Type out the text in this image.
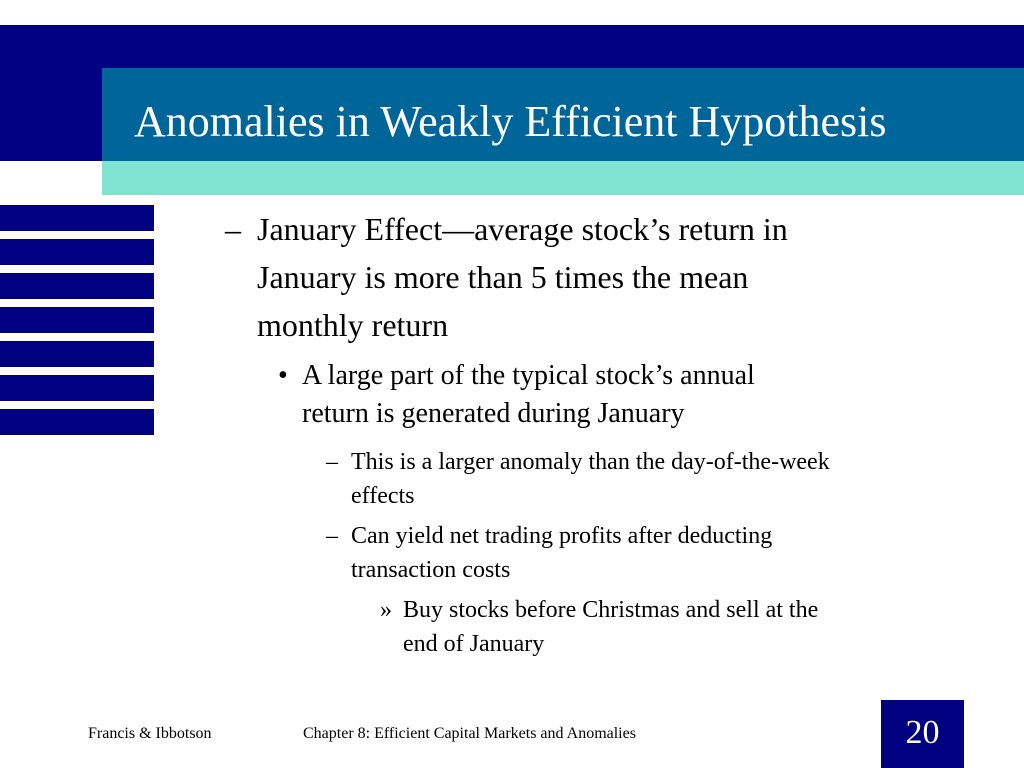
Anomalies in Weakly Efficient Hypothesis
– January Effect—average stock’s return in
January is more than 5 times the mean
monthly return
• A large part of the typical stock’s annual
return is generated during January
– This is a larger anomaly than the day-of-the-week
effects
– Can yield net trading profits after deducting
transaction costs
» Buy stocks before Christmas and sell at the
end of January
Francis & Ibbotson	Chapter 8: Efficient Capital Markets and Anomalies	20
